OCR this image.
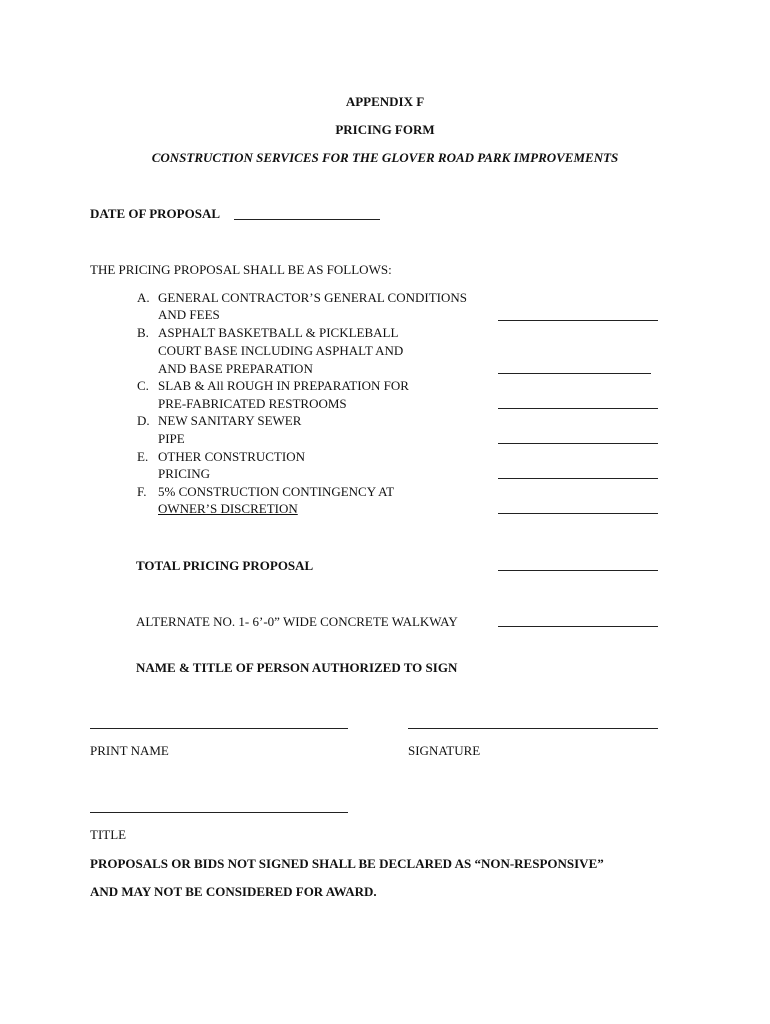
APPENDIX F
PRICING FORM
CONSTRUCTION SERVICES FOR THE GLOVER ROAD PARK IMPROVEMENTS
DATE OF PROPOSAL
THE PRICING PROPOSAL SHALL BE AS FOLLOWS:
A. GENERAL CONTRACTOR’S GENERAL CONDITIONS
AND FEES
B. ASPHALT BASKETBALL & PICKLEBALL
COURT BASE INCLUDING ASPHALT AND
AND BASE PREPARATION
C. SLAB & All ROUGH IN PREPARATION FOR
PRE-FABRICATED RESTROOMS
D. NEW SANITARY SEWER
PIPE
E. OTHER CONSTRUCTION
PRICING
F. 5% CONSTRUCTION CONTINGENCY AT
OWNER’S DISCRETION
TOTAL PRICING PROPOSAL
ALTERNATE NO. 1- 6’-0” WIDE CONCRETE WALKWAY
NAME & TITLE OF PERSON AUTHORIZED TO SIGN
PRINT NAME	SIGNATURE
TITLE
PROPOSALS OR BIDS NOT SIGNED SHALL BE DECLARED AS “NON-RESPONSIVE”
AND MAY NOT BE CONSIDERED FOR AWARD.
